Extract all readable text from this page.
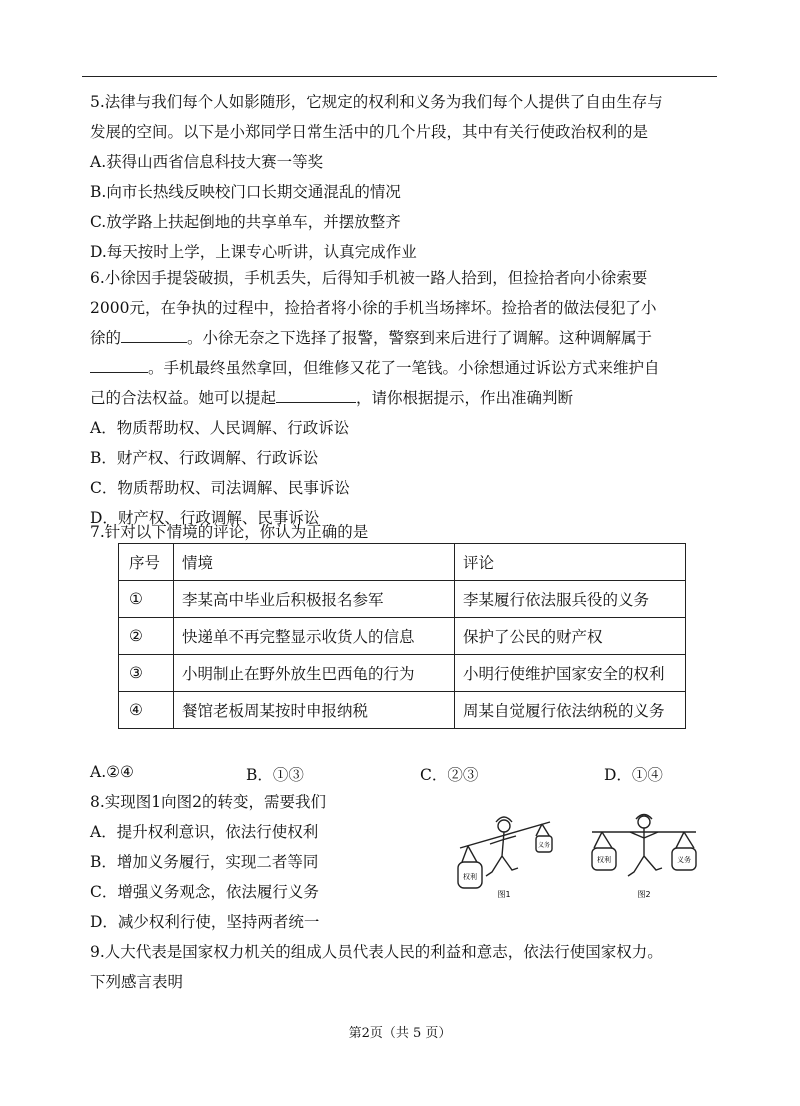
5.法律与我们每个人如影随形，它规定的权利和义务为我们每个人提供了自由生存与
发展的空间。以下是小郑同学日常生活中的几个片段，其中有关行使政治权利的是
A.获得山西省信息科技大赛一等奖
B.向市长热线反映校门口长期交通混乱的情况
C.放学路上扶起倒地的共享单车，并摆放整齐
D.每天按时上学，上课专心听讲，认真完成作业
6.小徐因手提袋破损，手机丢失，后得知手机被一路人拾到，但捡拾者向小徐索要
2000元，在争执的过程中，捡拾者将小徐的手机当场摔坏。捡拾者的做法侵犯了小
徐的	。小徐无奈之下选择了报警，警察到来后进行了调解。这种调解属于
。手机最终虽然拿回，但维修又花了一笔钱。小徐想通过诉讼方式来维护自
己的合法权益。她可以提起	，请你根据提示，作出准确判断
A．物质帮助权、人民调解、行政诉讼
B．财产权、行政调解、行政诉讼
C．物质帮助权、司法调解、民事诉讼
D．财产权、行政调解、民事诉讼
7.针对以下情境的评论，你认为正确的是
序号	情境	评论
①	李某高中毕业后积极报名参军	李某履行依法服兵役的义务
②	快递单不再完整显示收货人的信息	保护了公民的财产权
③	小明制止在野外放生巴西龟的行为	小明行使维护国家安全的权利
④	餐馆老板周某按时申报纳税	周某自觉履行依法纳税的义务
A.②④	B．①③	C．②③	D．①④
8.实现图1向图2的转变，需要我们
A．提升权利意识，依法行使权利
B．增加义务履行，实现二者等同
C．增强义务观念，依法履行义务
D．减少权利行使，坚持两者统一
权利
义务
图1
权利	义务
图2
9.人大代表是国家权力机关的组成人员代表人民的利益和意志，依法行使国家权力。
下列感言表明
第2页（共 5 页）
